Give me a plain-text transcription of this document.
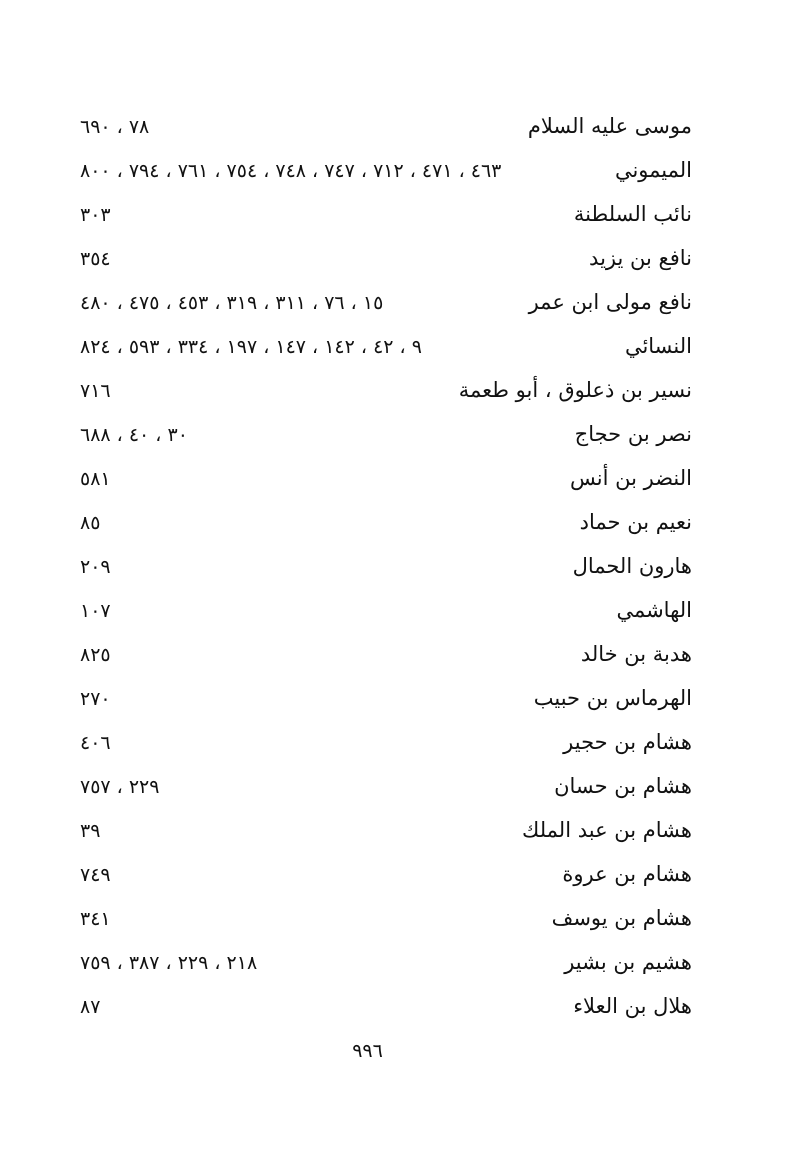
موسى عليه السلام
٧٨ ، ٦٩٠
الميموني
٤٦٣ ، ٤٧١ ، ٧١٢ ، ٧٤٧ ، ٧٤٨ ، ٧٥٤ ، ٧٦١ ، ٧٩٤ ، ٨٠٠
نائب السلطنة
٣٠٣
نافع بن يزيد
٣٥٤
نافع مولى ابن عمر
١٥ ، ٧٦ ، ٣١١ ، ٣١٩ ، ٤٥٣ ، ٤٧٥ ، ٤٨٠
النسائي
٩ ، ٤٢ ، ١٤٢ ، ١٤٧ ، ١٩٧ ، ٣٣٤ ، ٥٩٣ ، ٨٢٤
نسير بن ذعلوق ، أبو طعمة
٧١٦
نصر بن حجاج
٣٠ ، ٤٠ ، ٦٨٨
النضر بن أنس
٥٨١
نعيم بن حماد
٨٥
هارون الحمال
٢٠٩
الهاشمي
١٠٧
هدبة بن خالد
٨٢٥
الهرماس بن حبيب
٢٧٠
هشام بن حجير
٤٠٦
هشام بن حسان
٢٢٩ ، ٧٥٧
هشام بن عبد الملك
٣٩
هشام بن عروة
٧٤٩
هشام بن يوسف
٣٤١
هشيم بن بشير
٢١٨ ، ٢٢٩ ، ٣٨٧ ، ٧٥٩
هلال بن العلاء
٨٧
٩٩٦
